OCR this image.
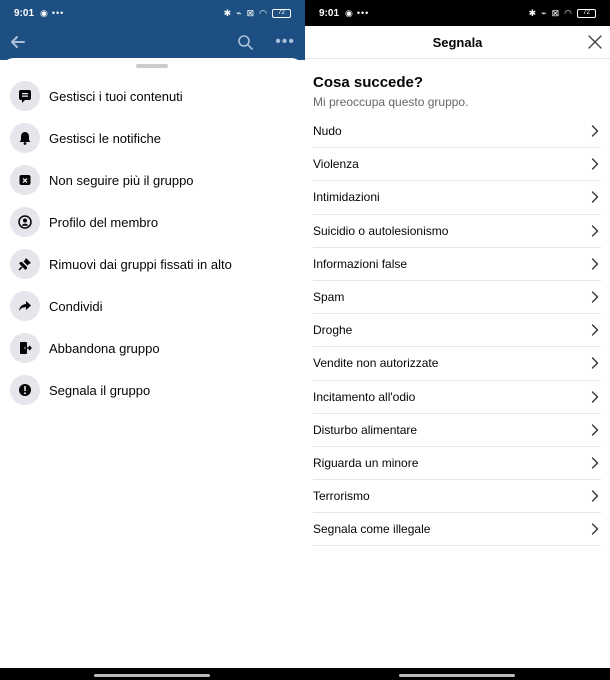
9:01 ◉ •••	✱ ⌁ ⊠ ◠ 72
•••
Gestisci i tuoi contenuti
Gestisci le notifiche
Non seguire più il gruppo
Profilo del membro
Rimuovi dai gruppi fissati in alto
Condividi
Abbandona gruppo
Segnala il gruppo
9:01 ◉ •••	✱ ⌁ ⊠ ◠ 72
Segnala
Cosa succede?
Mi preoccupa questo gruppo.
Nudo
Violenza
Intimidazioni
Suicidio o autolesionismo
Informazioni false
Spam
Droghe
Vendite non autorizzate
Incitamento all'odio
Disturbo alimentare
Riguarda un minore
Terrorismo
Segnala come illegale
